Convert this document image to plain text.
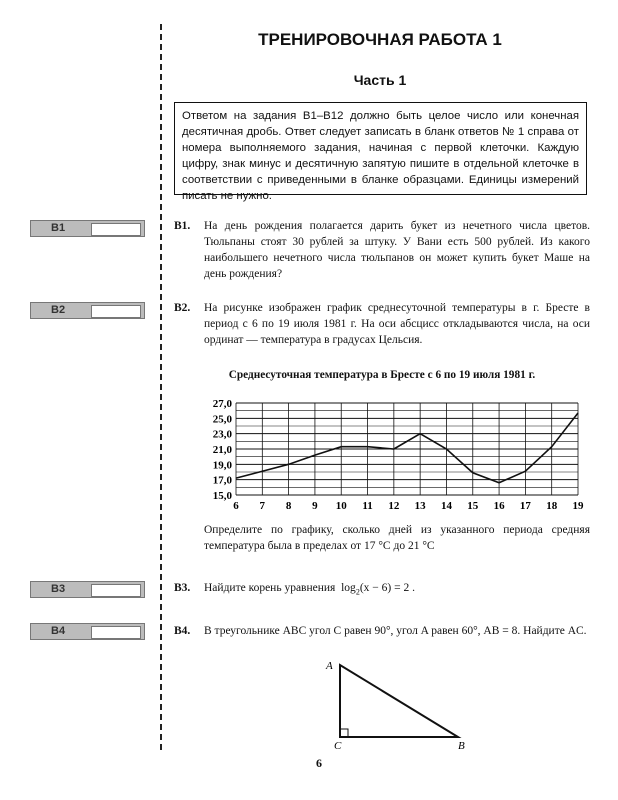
ТРЕНИРОВОЧНАЯ РАБОТА 1
Часть 1
Ответом на задания В1–В12 должно быть целое число или конечная десятичная дробь. Ответ следует записать в бланк ответов № 1 справа от номера выполняемого задания, начиная с первой клеточки. Каждую цифру, знак минус и десятичную запятую пишите в отдельной клеточке в соответствии с приведенными в бланке образцами. Единицы измерений писать не нужно.
В1
В2
В3
В4
В1. На день рождения полагается дарить букет из нечетного числа цветов. Тюльпаны стоят 30 рублей за штуку. У Вани есть 500 рублей. Из какого наибольшего нечетного числа тюльпанов он может купить букет Маше на день рождения?
В2. На рисунке изображен график среднесуточной температуры в г. Бресте в период с 6 по 19 июля 1981 г. На оси абсцисс откладываются числа, на оси ординат — температура в градусах Цельсия.
Среднесуточная температура в Бресте с 6 по 19 июля 1981 г.
15,0
17,0
19,0
21,0
23,0
25,0
27,0
6 7 8 9 10 11 12 13 14 15 16 17 18 19
Определите по графику, сколько дней из указанного периода средняя температура была в пределах от 17 °С до 21 °С
В3. Найдите корень уравнения $\log_2(x - 6) = 2$ .
В4. В треугольнике ABC угол C равен 90°, угол A равен 60°, AB = 8. Найдите AC.
A
C	B
6
